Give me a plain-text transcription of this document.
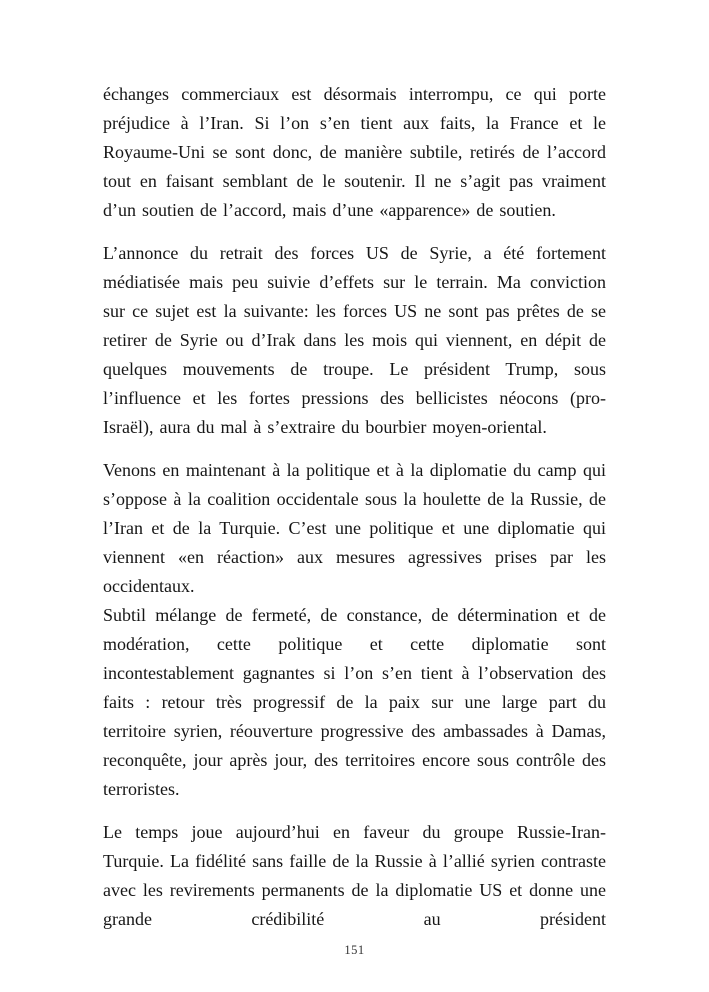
échanges commerciaux est désormais interrompu, ce qui porte préjudice à l’Iran. Si l’on s’en tient aux faits, la France et le Royaume-Uni se sont donc, de manière subtile, retirés de l’accord tout en faisant semblant de le soutenir. Il ne s’agit pas vraiment d’un soutien de l’accord, mais d’une «apparence» de soutien.

L’annonce du retrait des forces US de Syrie, a été fortement médiatisée mais peu suivie d’effets sur le terrain. Ma conviction sur ce sujet est la suivante: les forces US ne sont pas prêtes de se retirer de Syrie ou d’Irak dans les mois qui viennent, en dépit de quelques mouvements de troupe. Le président Trump, sous l’influence et les fortes pressions des bellicistes néocons (pro-Israël), aura du mal à s’extraire du bourbier moyen-oriental.

Venons en maintenant à la politique et à la diplomatie du camp qui s’oppose à la coalition occidentale sous la houlette de la Russie, de l’Iran et de la Turquie. C’est une politique et une diplomatie qui viennent «en réaction» aux mesures agressives prises par les occidentaux.

Subtil mélange de fermeté, de constance, de détermination et de modération, cette politique et cette diplomatie sont incontestablement gagnantes si l’on s’en tient à l’observation des faits : retour très progressif de la paix sur une large part du territoire syrien, réouverture progressive des ambassades à Damas, reconquête, jour après jour, des territoires encore sous contrôle des terroristes.

Le temps joue aujourd’hui en faveur du groupe Russie-Iran-Turquie. La fidélité sans faille de la Russie à l’allié syrien contraste avec les revirements permanents de la diplomatie US et donne une grande crédibilité au président

151
